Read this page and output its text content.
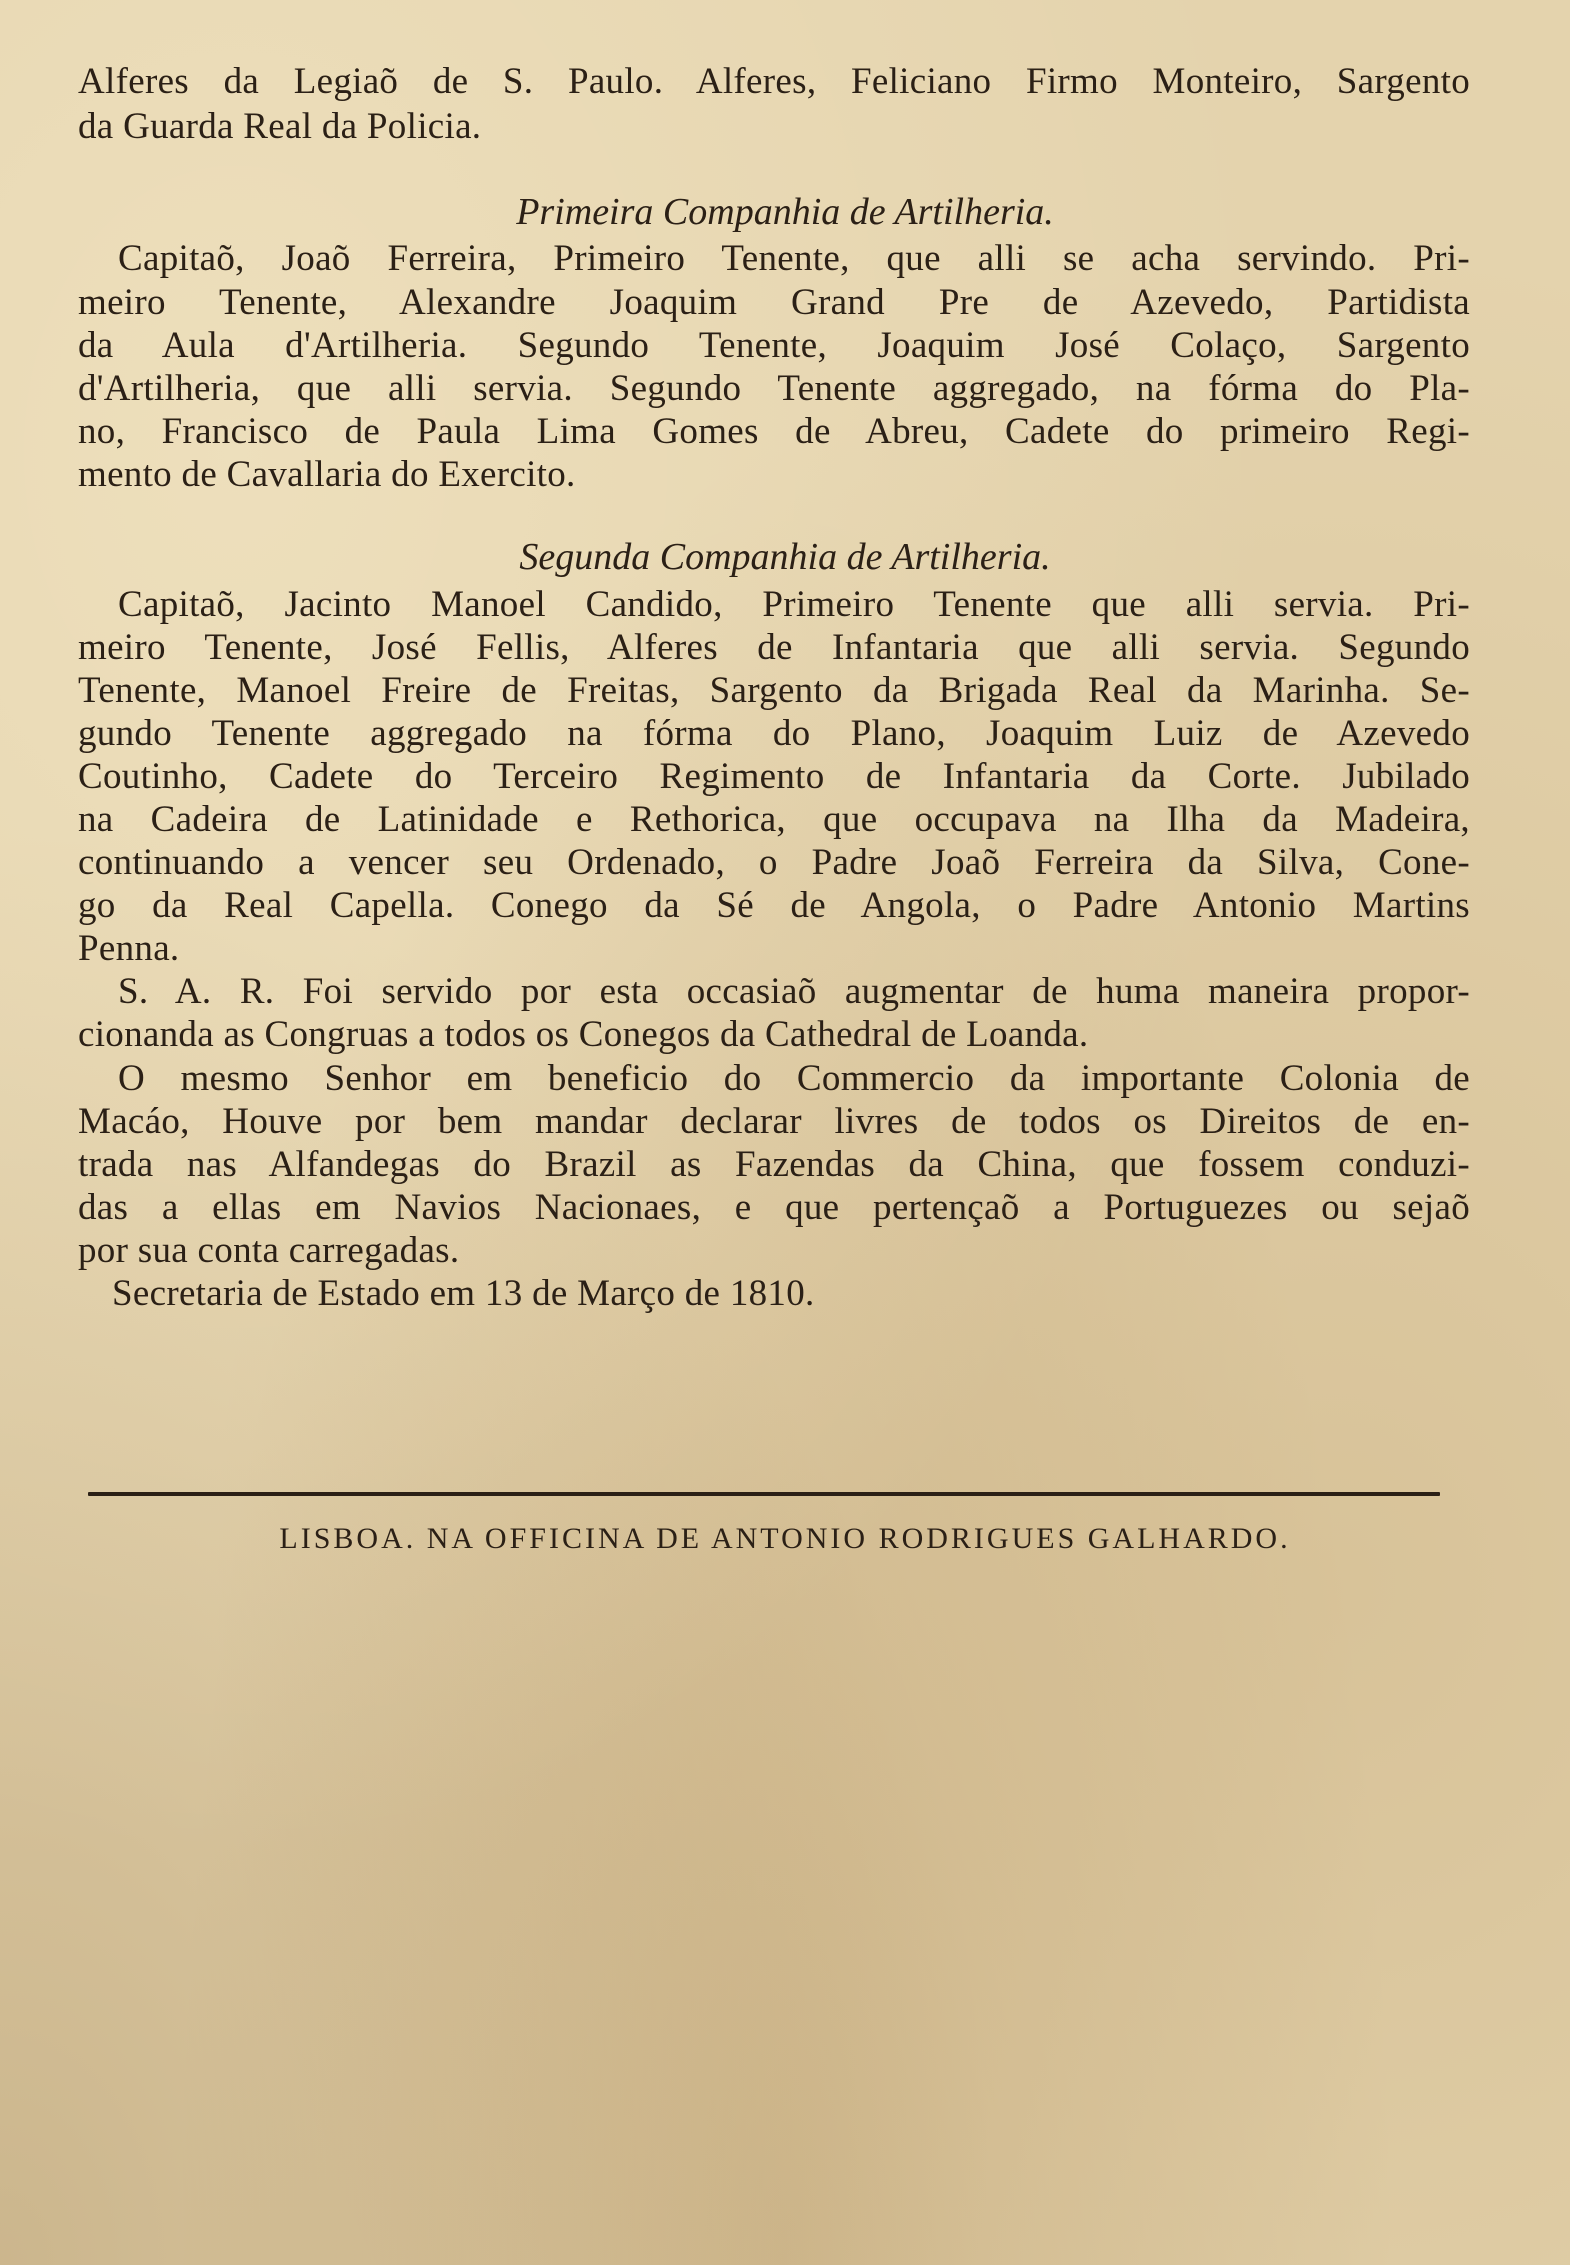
Alferes da Legiaõ de S. Paulo. Alferes, Feliciano Firmo Monteiro, Sargento
da Guarda Real da Policia.
Primeira Companhia de Artilheria.
Capitaõ, Joaõ Ferreira, Primeiro Tenente, que alli se acha servindo. Pri-
meiro Tenente, Alexandre Joaquim Grand Pre de Azevedo, Partidista
da Aula d'Artilheria. Segundo Tenente, Joaquim José Colaço, Sargento
d'Artilheria, que alli servia. Segundo Tenente aggregado, na fórma do Pla-
no, Francisco de Paula Lima Gomes de Abreu, Cadete do primeiro Regi-
mento de Cavallaria do Exercito.
Segunda Companhia de Artilheria.
Capitaõ, Jacinto Manoel Candido, Primeiro Tenente que alli servia. Pri-
meiro Tenente, José Fellis, Alferes de Infantaria que alli servia. Segundo
Tenente, Manoel Freire de Freitas, Sargento da Brigada Real da Marinha. Se-
gundo Tenente aggregado na fórma do Plano, Joaquim Luiz de Azevedo
Coutinho, Cadete do Terceiro Regimento de Infantaria da Corte. Jubilado
na Cadeira de Latinidade e Rethorica, que occupava na Ilha da Madeira,
continuando a vencer seu Ordenado, o Padre Joaõ Ferreira da Silva, Cone-
go da Real Capella. Conego da Sé de Angola, o Padre Antonio Martins
Penna.
S. A. R. Foi servido por esta occasiaõ augmentar de huma maneira propor-
cionanda as Congruas a todos os Conegos da Cathedral de Loanda.
O mesmo Senhor em beneficio do Commercio da importante Colonia de
Macáo, Houve por bem mandar declarar livres de todos os Direitos de en-
trada nas Alfandegas do Brazil as Fazendas da China, que fossem conduzi-
das a ellas em Navios Nacionaes, e que pertençaõ a Portuguezes ou sejaõ
por sua conta carregadas.
Secretaria de Estado em 13 de Março de 1810.
LISBOA. NA OFFICINA DE ANTONIO RODRIGUES GALHARDO.
